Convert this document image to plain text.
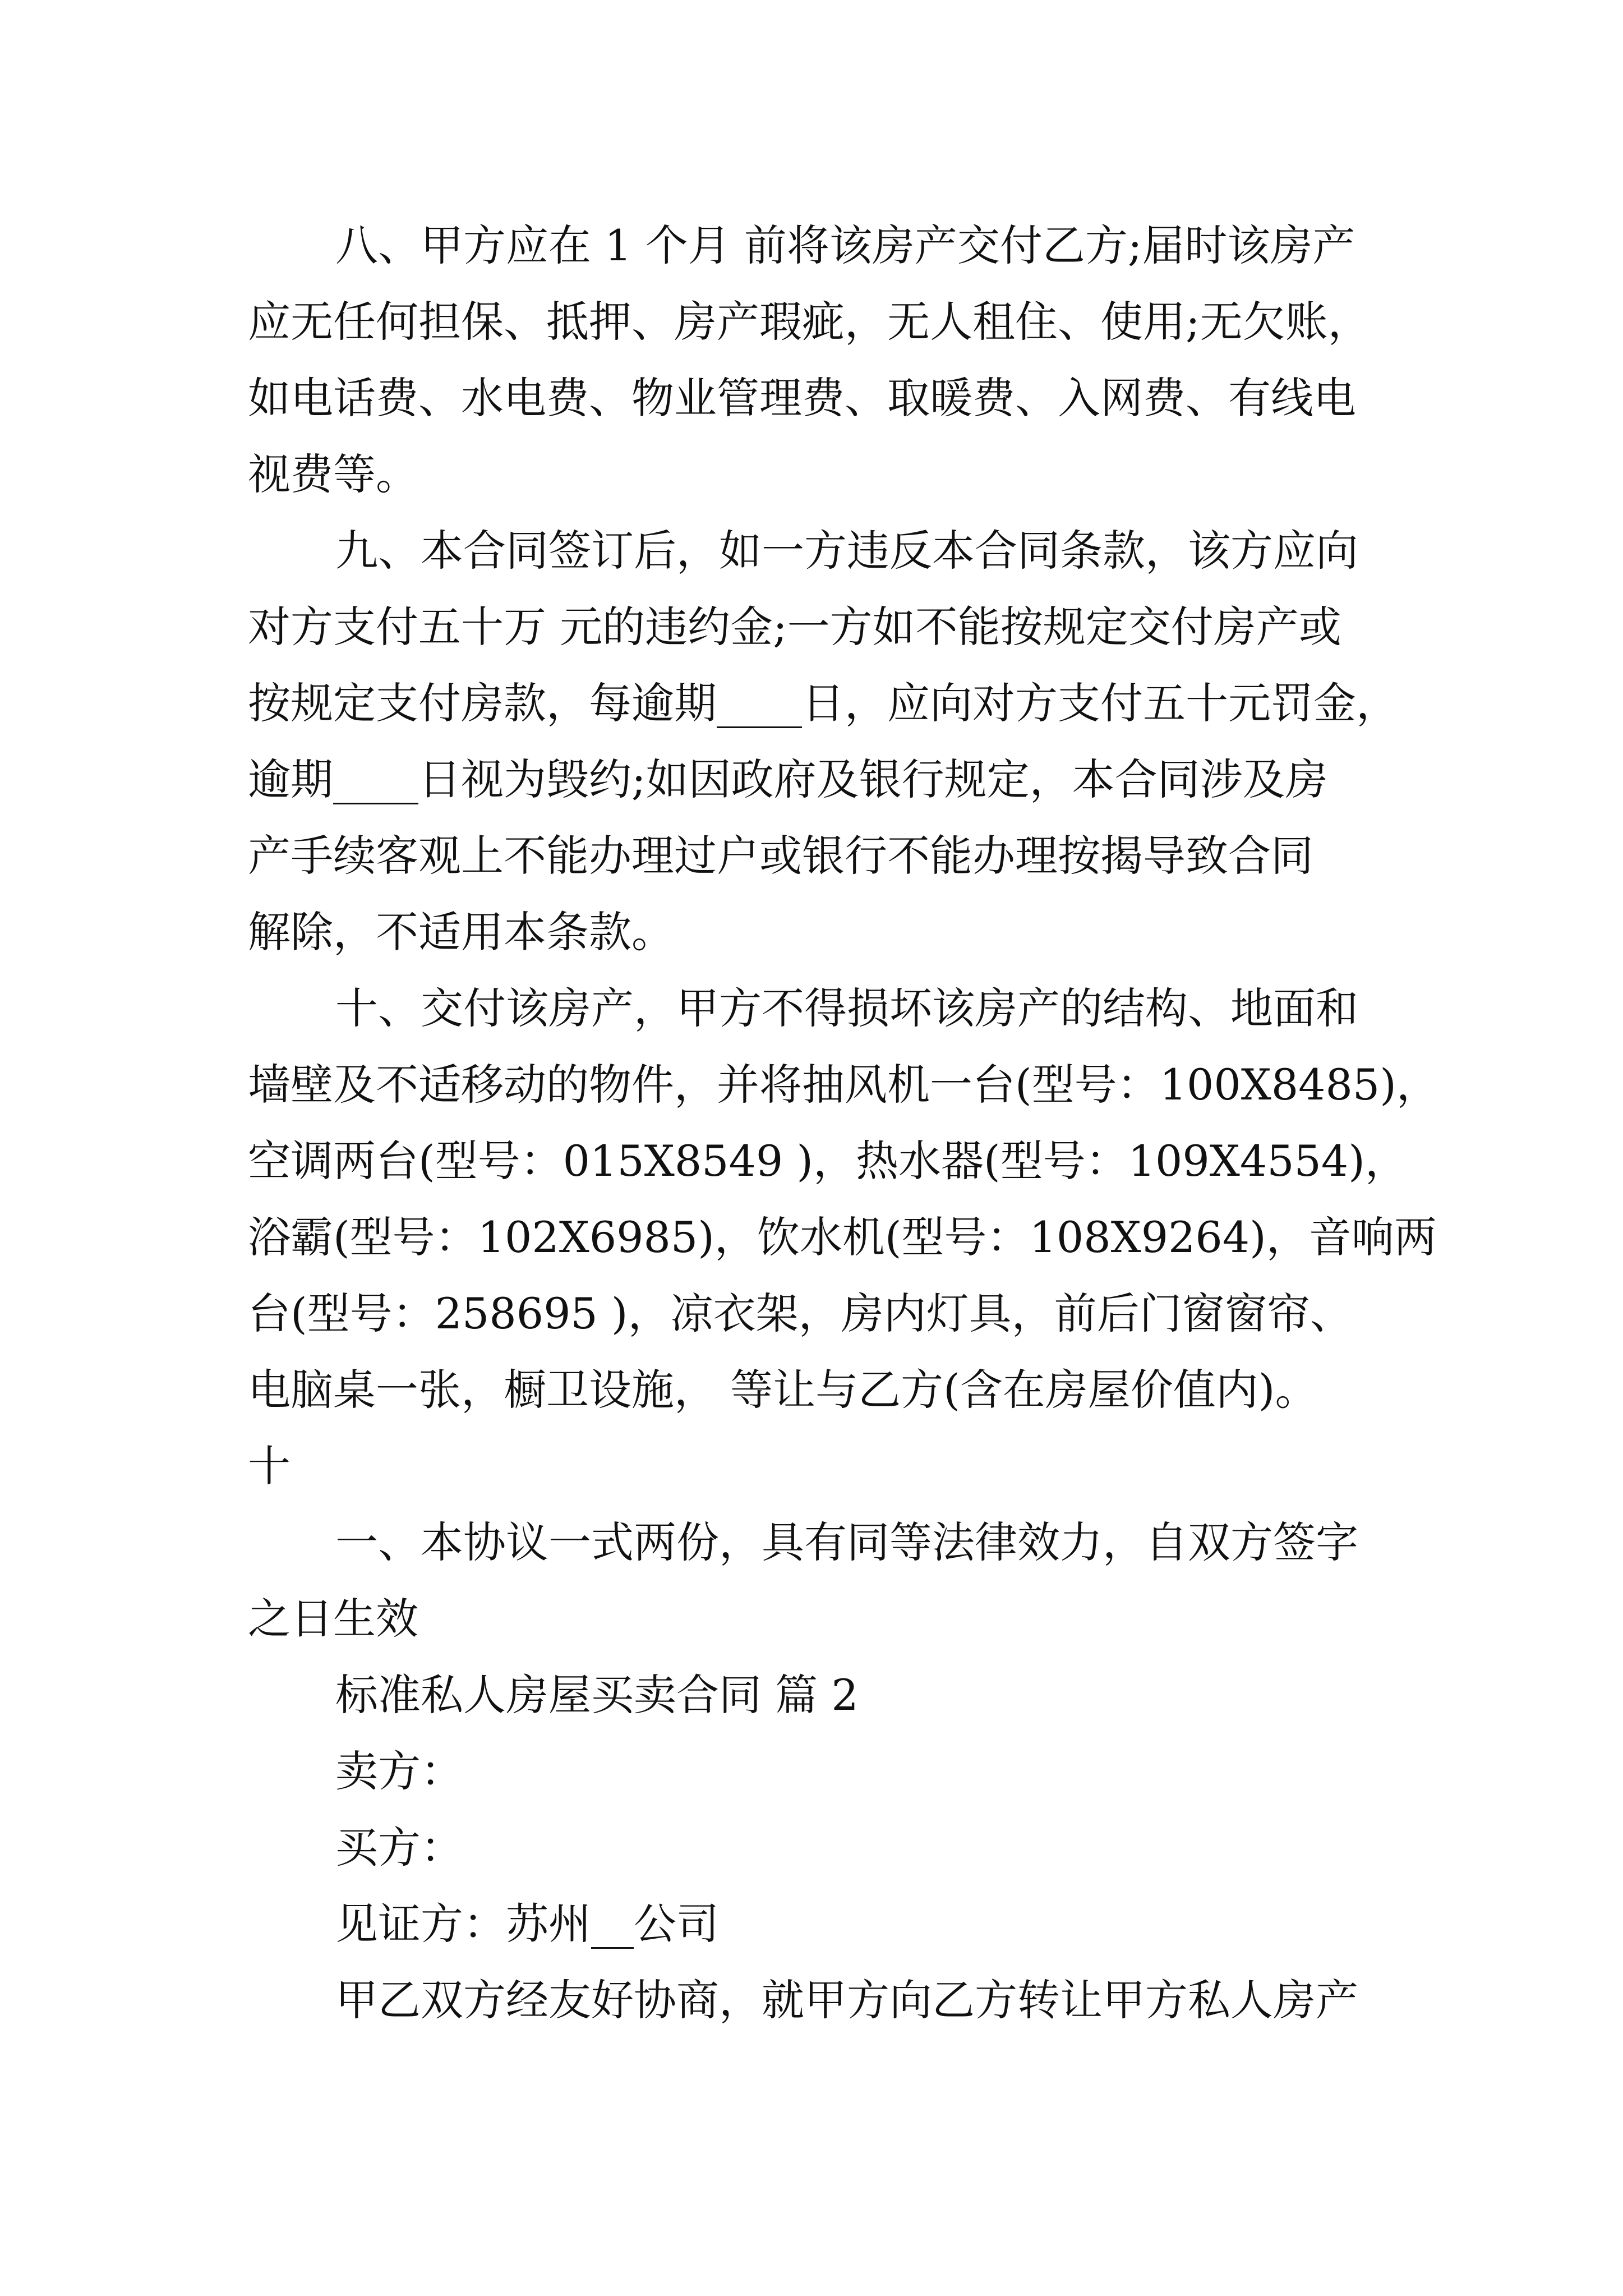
八、甲方应在 1 个月 前将该房产交付乙方;届时该房产
应无任何担保、抵押、房产瑕疵，无人租住、使用;无欠账，
如电话费、水电费、物业管理费、取暖费、入网费、有线电
视费等。
九、本合同签订后，如一方违反本合同条款，该方应向
对方支付五十万 元的违约金;一方如不能按规定交付房产或
按规定支付房款，每逾期____日，应向对方支付五十元罚金，
逾期____日视为毁约;如因政府及银行规定，本合同涉及房
产手续客观上不能办理过户或银行不能办理按揭导致合同
解除，不适用本条款。
十、交付该房产，甲方不得损坏该房产的结构、地面和
墙壁及不适移动的物件，并将抽风机一台(型号：100X8485)，
空调两台(型号：015X8549 )，热水器(型号：109X4554)，
浴霸(型号：102X6985)，饮水机(型号：108X9264)，音响两
台(型号：258695 )，凉衣架，房内灯具，前后门窗窗帘、
电脑桌一张，橱卫设施， 等让与乙方(含在房屋价值内)。
十
一、本协议一式两份，具有同等法律效力，自双方签字
之日生效
标准私人房屋买卖合同 篇 2
卖方：
买方：
见证方：苏州__公司
甲乙双方经友好协商，就甲方向乙方转让甲方私人房产
